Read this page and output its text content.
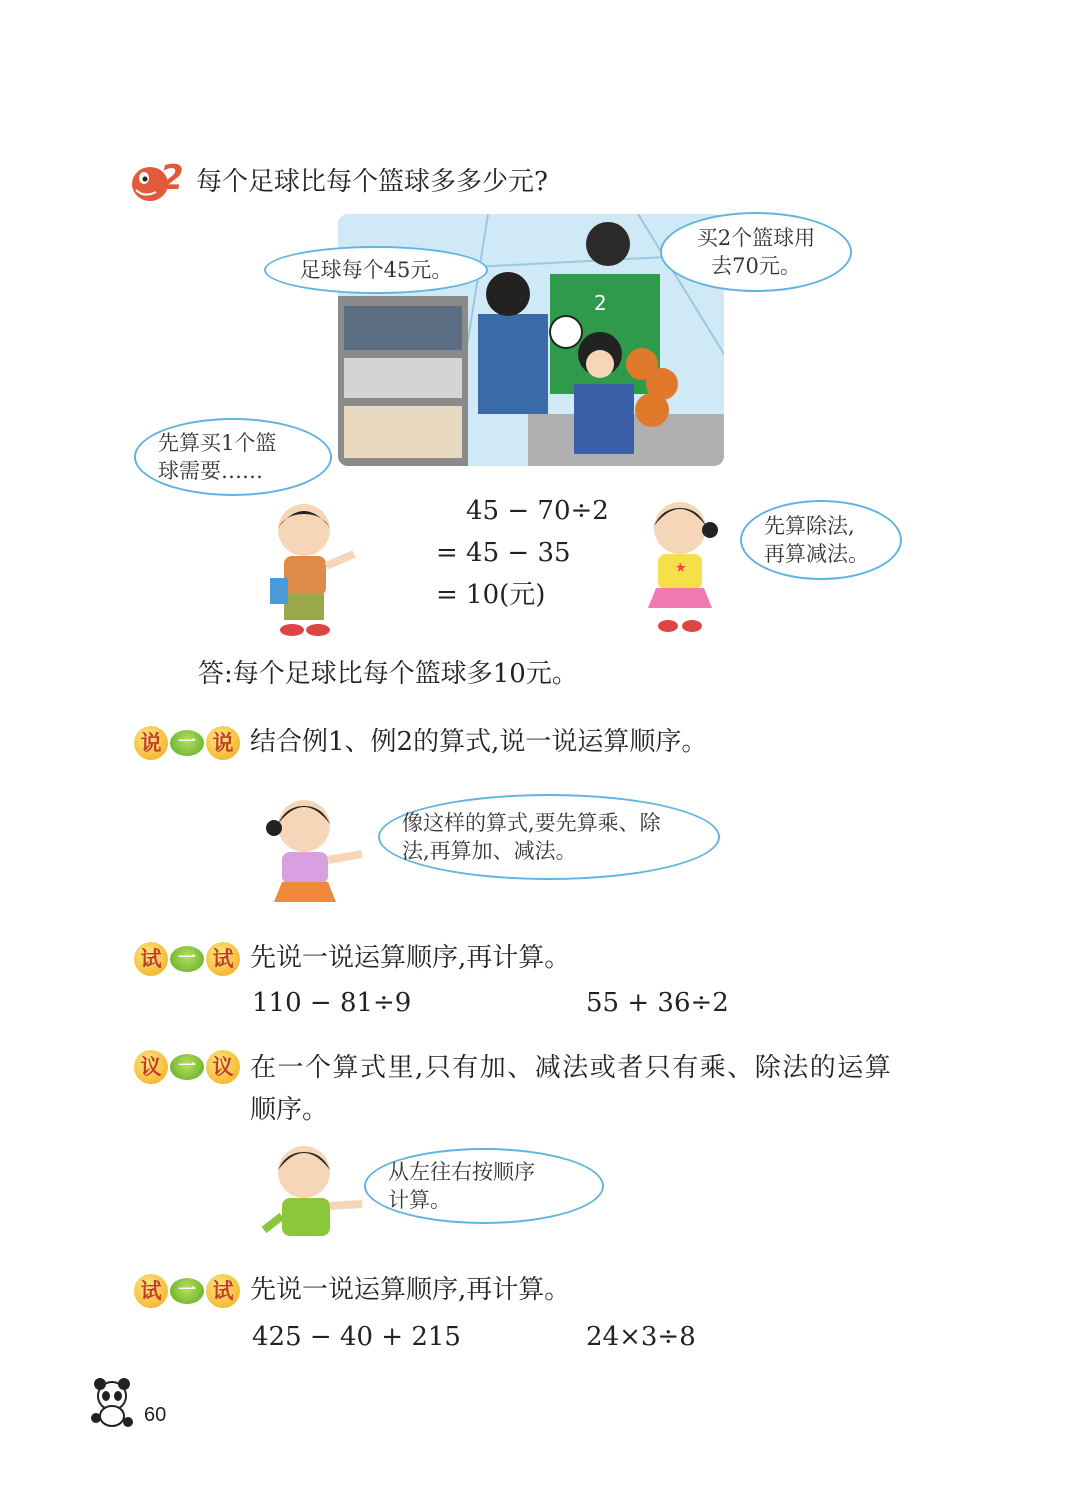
2 每个足球比每个篮球多多少元?
2
足球每个45元。
买2个篮球用
去70元。
先算买1个篮
球需要……
45 − 70÷2
= 45 − 35
= 10(元)
先算除法,
再算减法。
答:每个足球比每个篮球多10元。
说 一 说 结合例1、例2的算式,说一说运算顺序。
像这样的算式,要先算乘、除
法,再算加、减法。
试 一 试 先说一说运算顺序,再计算。
110 − 81÷9	55 + 36÷2
议 一 议 在一个算式里,只有加、减法或者只有乘、除法的运算
顺序。
从左往右按顺序
计算。
试 一 试 先说一说运算顺序,再计算。
425 − 40 + 215	24×3÷8
60
